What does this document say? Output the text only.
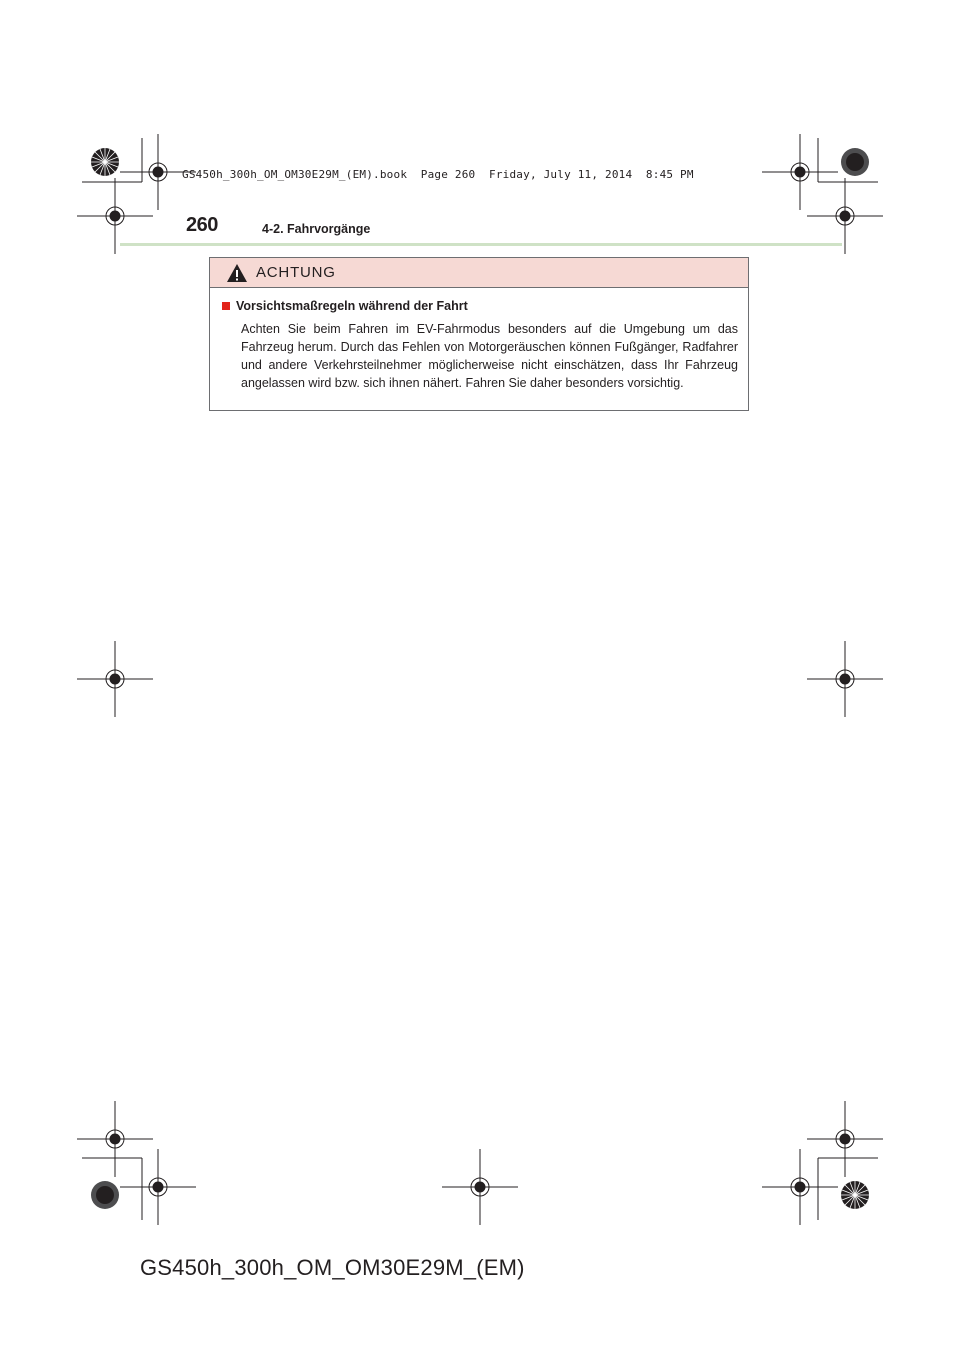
GS450h_300h_OM_OM30E29M_(EM).book  Page 260  Friday, July 11, 2014  8:45 PM
260	4-2. Fahrvorgänge
ACHTUNG
Vorsichtsmaßregeln während der Fahrt
Achten Sie beim Fahren im EV-Fahrmodus besonders auf die Umgebung um das Fahrzeug herum. Durch das Fehlen von Motorgeräuschen können Fußgänger, Radfahrer und andere Verkehrsteilnehmer möglicherweise nicht einschätzen, dass Ihr Fahrzeug angelassen wird bzw. sich ihnen nähert. Fahren Sie daher besonders vorsichtig.
GS450h_300h_OM_OM30E29M_(EM)
